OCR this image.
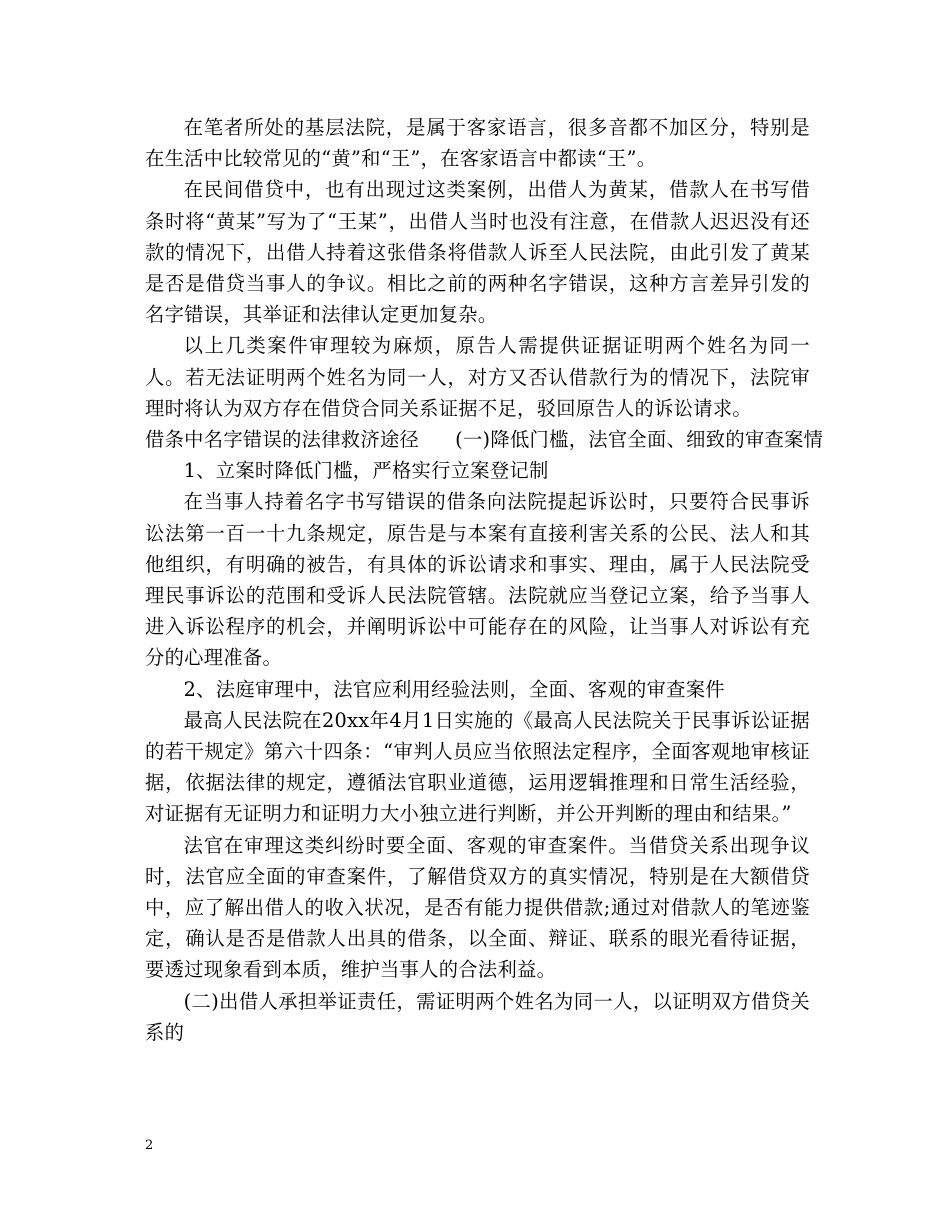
在笔者所处的基层法院，是属于客家语言，很多音都不加区分，特别是在生活中比较常见的“黄”和“王”，在客家语言中都读“王”。

在民间借贷中，也有出现过这类案例，出借人为黄某，借款人在书写借条时将“黄某”写为了“王某”，出借人当时也没有注意，在借款人迟迟没有还款的情况下，出借人持着这张借条将借款人诉至人民法院，由此引发了黄某是否是借贷当事人的争议。相比之前的两种名字错误，这种方言差异引发的名字错误，其举证和法律认定更加复杂。

以上几类案件审理较为麻烦，原告人需提供证据证明两个姓名为同一人。若无法证明两个姓名为同一人，对方又否认借款行为的情况下，法院审理时将认为双方存在借贷合同关系证据不足，驳回原告人的诉讼请求。

借条中名字错误的法律救济途径 (一)降低门槛，法官全面、细致的审查案情

1、立案时降低门槛，严格实行立案登记制

在当事人持着名字书写错误的借条向法院提起诉讼时，只要符合民事诉讼法第一百一十九条规定，原告是与本案有直接利害关系的公民、法人和其他组织，有明确的被告，有具体的诉讼请求和事实、理由，属于人民法院受理民事诉讼的范围和受诉人民法院管辖。法院就应当登记立案，给予当事人进入诉讼程序的机会，并阐明诉讼中可能存在的风险，让当事人对诉讼有充分的心理准备。

2、法庭审理中，法官应利用经验法则，全面、客观的审查案件

最高人民法院在20xx年4月1日实施的《最高人民法院关于民事诉讼证据的若干规定》第六十四条：“审判人员应当依照法定程序，全面客观地审核证据，依据法律的规定，遵循法官职业道德，运用逻辑推理和日常生活经验，对证据有无证明力和证明力大小独立进行判断，并公开判断的理由和结果。”

法官在审理这类纠纷时要全面、客观的审查案件。当借贷关系出现争议时，法官应全面的审查案件，了解借贷双方的真实情况，特别是在大额借贷中，应了解出借人的收入状况，是否有能力提供借款;通过对借款人的笔迹鉴定，确认是否是借款人出具的借条，以全面、辩证、联系的眼光看待证据，要透过现象看到本质，维护当事人的合法利益。

(二)出借人承担举证责任，需证明两个姓名为同一人，以证明双方借贷关系的

2
